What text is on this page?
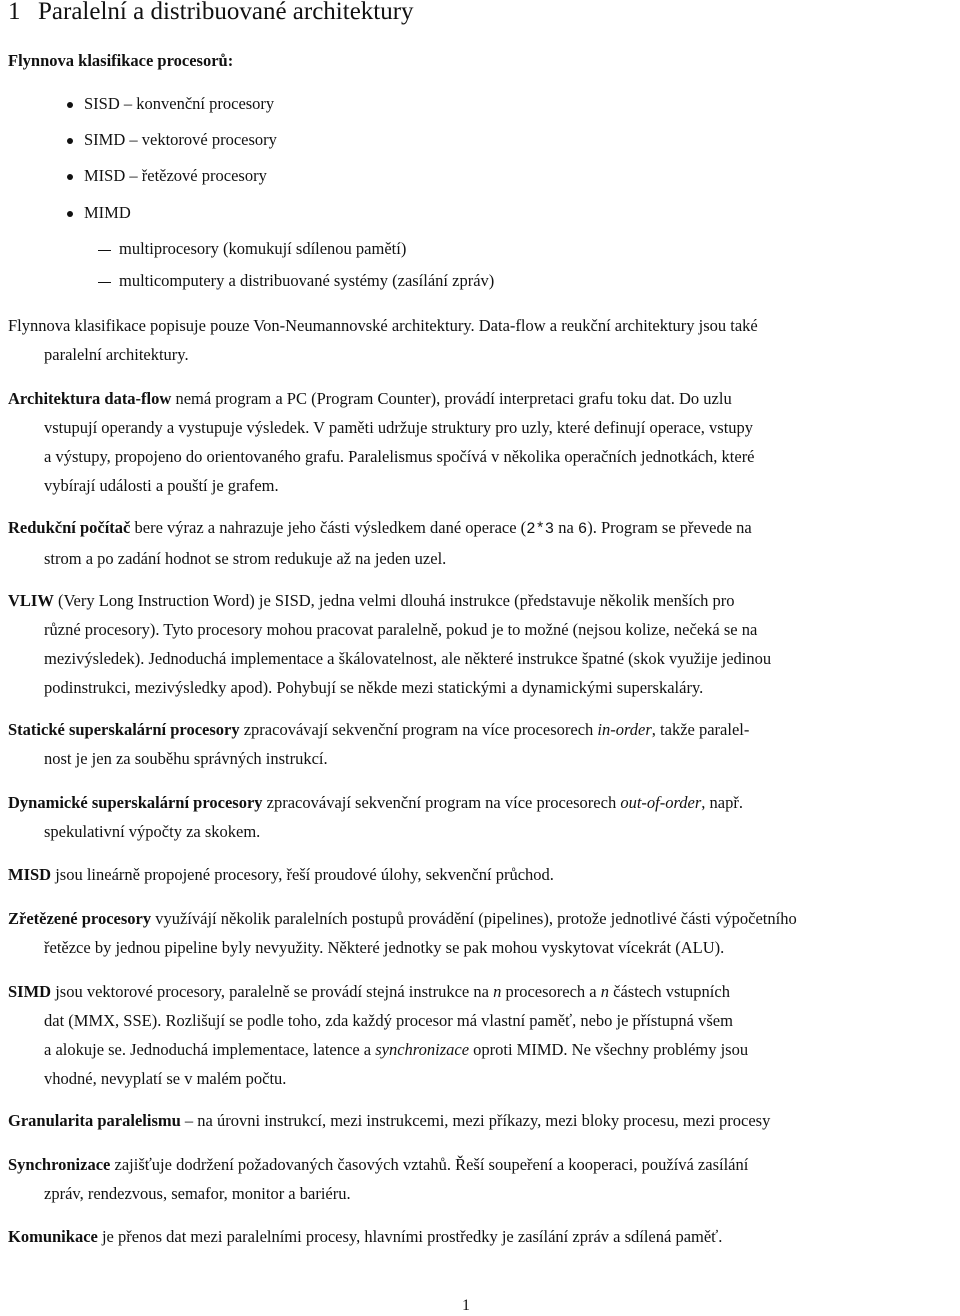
1 Paralelní a distribuované architektury
Flynnova klasifikace procesorů:
SISD – konvenční procesory
SIMD – vektorové procesory
MISD – řetězové procesory
MIMD
multiprocesory (komukují sdílenou pamětí)
multicomputery a distribuované systémy (zasílání zpráv)
Flynnova klasifikace popisuje pouze Von-Neumannovské architektury. Data-flow a reukční architektury jsou také
paralelní architektury.
Architektura data-flow nemá program a PC (Program Counter), provádí interpretaci grafu toku dat. Do uzlu
vstupují operandy a vystupuje výsledek. V paměti udržuje struktury pro uzly, které definují operace, vstupy
a výstupy, propojeno do orientovaného grafu. Paralelismus spočívá v několika operačních jednotkách, které
vybírají události a pouští je grafem.
Redukční počítač bere výraz a nahrazuje jeho části výsledkem dané operace (2*3 na 6). Program se převede na
strom a po zadání hodnot se strom redukuje až na jeden uzel.
VLIW (Very Long Instruction Word) je SISD, jedna velmi dlouhá instrukce (představuje několik menších pro
různé procesory). Tyto procesory mohou pracovat paralelně, pokud je to možné (nejsou kolize, nečeká se na
mezivýsledek). Jednoduchá implementace a škálovatelnost, ale některé instrukce špatné (skok využije jedinou
podinstrukci, mezivýsledky apod). Pohybují se někde mezi statickými a dynamickými superskaláry.
Statické superskalární procesory zpracovávají sekvenční program na více procesorech in-order, takže paralel-
nost je jen za souběhu správných instrukcí.
Dynamické superskalární procesory zpracovávají sekvenční program na více procesorech out-of-order, např.
spekulativní výpočty za skokem.
MISD jsou lineárně propojené procesory, řeší proudové úlohy, sekvenční průchod.
Zřetězené procesory využívájí několik paralelních postupů provádění (pipelines), protože jednotlivé části výpočetního
řetězce by jednou pipeline byly nevyužity. Některé jednotky se pak mohou vyskytovat vícekrát (ALU).
SIMD jsou vektorové procesory, paralelně se provádí stejná instrukce na n procesorech a n částech vstupních
dat (MMX, SSE). Rozlišují se podle toho, zda každý procesor má vlastní paměť, nebo je přístupná všem
a alokuje se. Jednoduchá implementace, latence a synchronizace oproti MIMD. Ne všechny problémy jsou
vhodné, nevyplatí se v malém počtu.
Granularita paralelismu – na úrovni instrukcí, mezi instrukcemi, mezi příkazy, mezi bloky procesu, mezi procesy
Synchronizace zajišťuje dodržení požadovaných časových vztahů. Řeší soupeření a kooperaci, používá zasílání
zpráv, rendezvous, semafor, monitor a bariéru.
Komunikace je přenos dat mezi paralelními procesy, hlavními prostředky je zasílání zpráv a sdílená paměť.
1
